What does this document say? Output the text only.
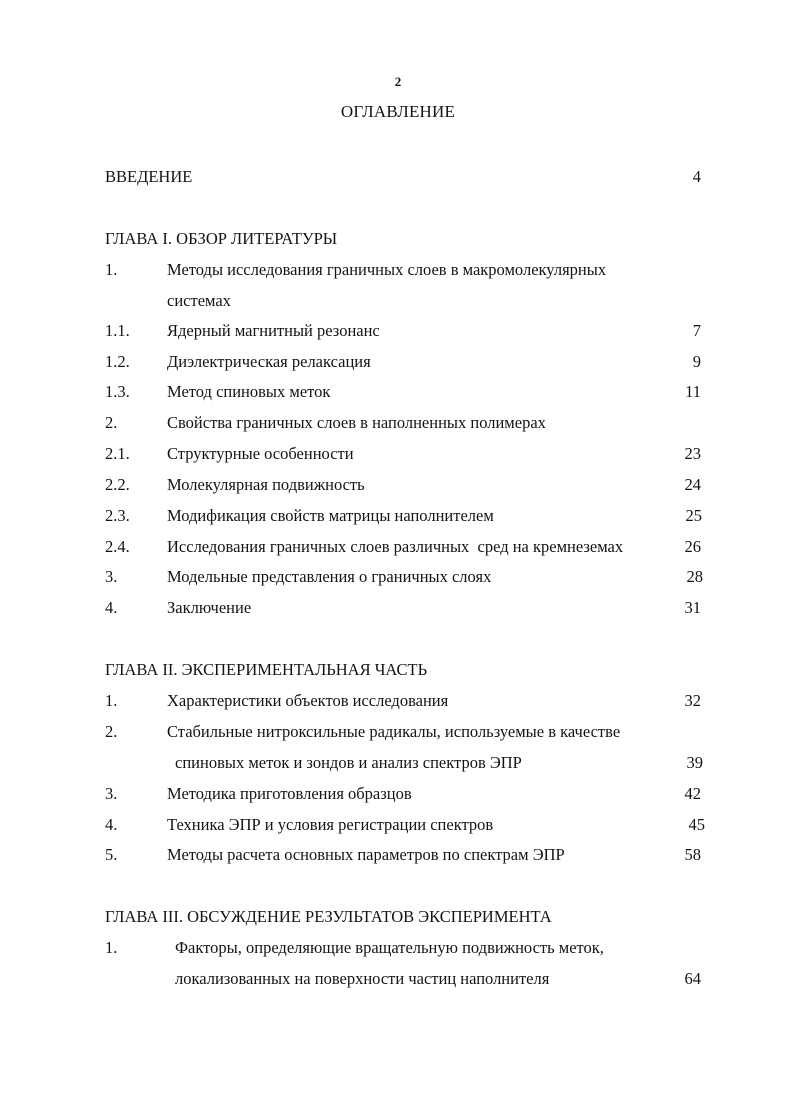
2
ОГЛАВЛЕНИЕ
ВВЕДЕНИЕ	4
ГЛАВА I. ОБЗОР ЛИТЕРАТУРЫ
1.	Методы исследования граничных слоев в макромолекулярных
системах
1.1. Ядерный магнитный резонанс	7
1.2. Диэлектрическая релаксация	9
1.3. Метод спиновых меток	11
2.	Свойства граничных слоев в наполненных полимерах
2.1. Структурные особенности	23
2.2. Молекулярная подвижность	24
2.3. Модификация свойств матрицы наполнителем	25
2.4. Исследования граничных слоев различных  сред на кремнеземах	26
3.	Модельные представления о граничных слоях	28
4.	Заключение	31
ГЛАВА II. ЭКСПЕРИМЕНТАЛЬНАЯ ЧАСТЬ
1.	Характеристики объектов исследования	32
2.	Стабильные нитроксильные радикалы, используемые в качестве
спиновых меток и зондов и анализ спектров ЭПР	39
3.	Методика приготовления образцов	42
4.	Техника ЭПР и условия регистрации спектров	45
5.	Методы расчета основных параметров по спектрам ЭПР	58
ГЛАВА III. ОБСУЖДЕНИЕ РЕЗУЛЬТАТОВ ЭКСПЕРИМЕНТА
1.	Факторы, определяющие вращательную подвижность меток,
локализованных на поверхности частиц наполнителя	64
